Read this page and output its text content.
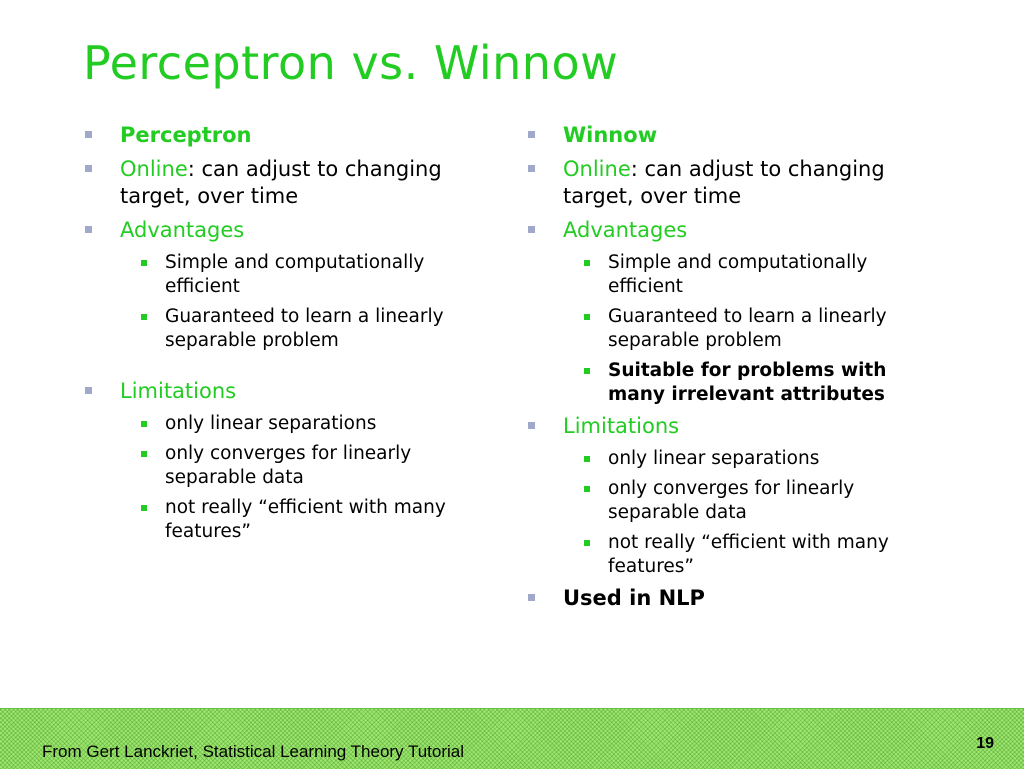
Perceptron vs. Winnow
Perceptron
Online: can adjust to changing target, over time
Advantages
Simple and computationally efficient
Guaranteed to learn a linearly separable problem
Limitations
only linear separations
only converges for linearly separable data
not really “efficient with many features”
Winnow
Online: can adjust to changing target, over time
Advantages
Simple and computationally efficient
Guaranteed to learn a linearly separable problem
Suitable for problems with many irrelevant attributes
Limitations
only linear separations
only converges for linearly separable data
not really “efficient with many features”
Used in NLP
From Gert Lanckriet, Statistical Learning Theory Tutorial	19
